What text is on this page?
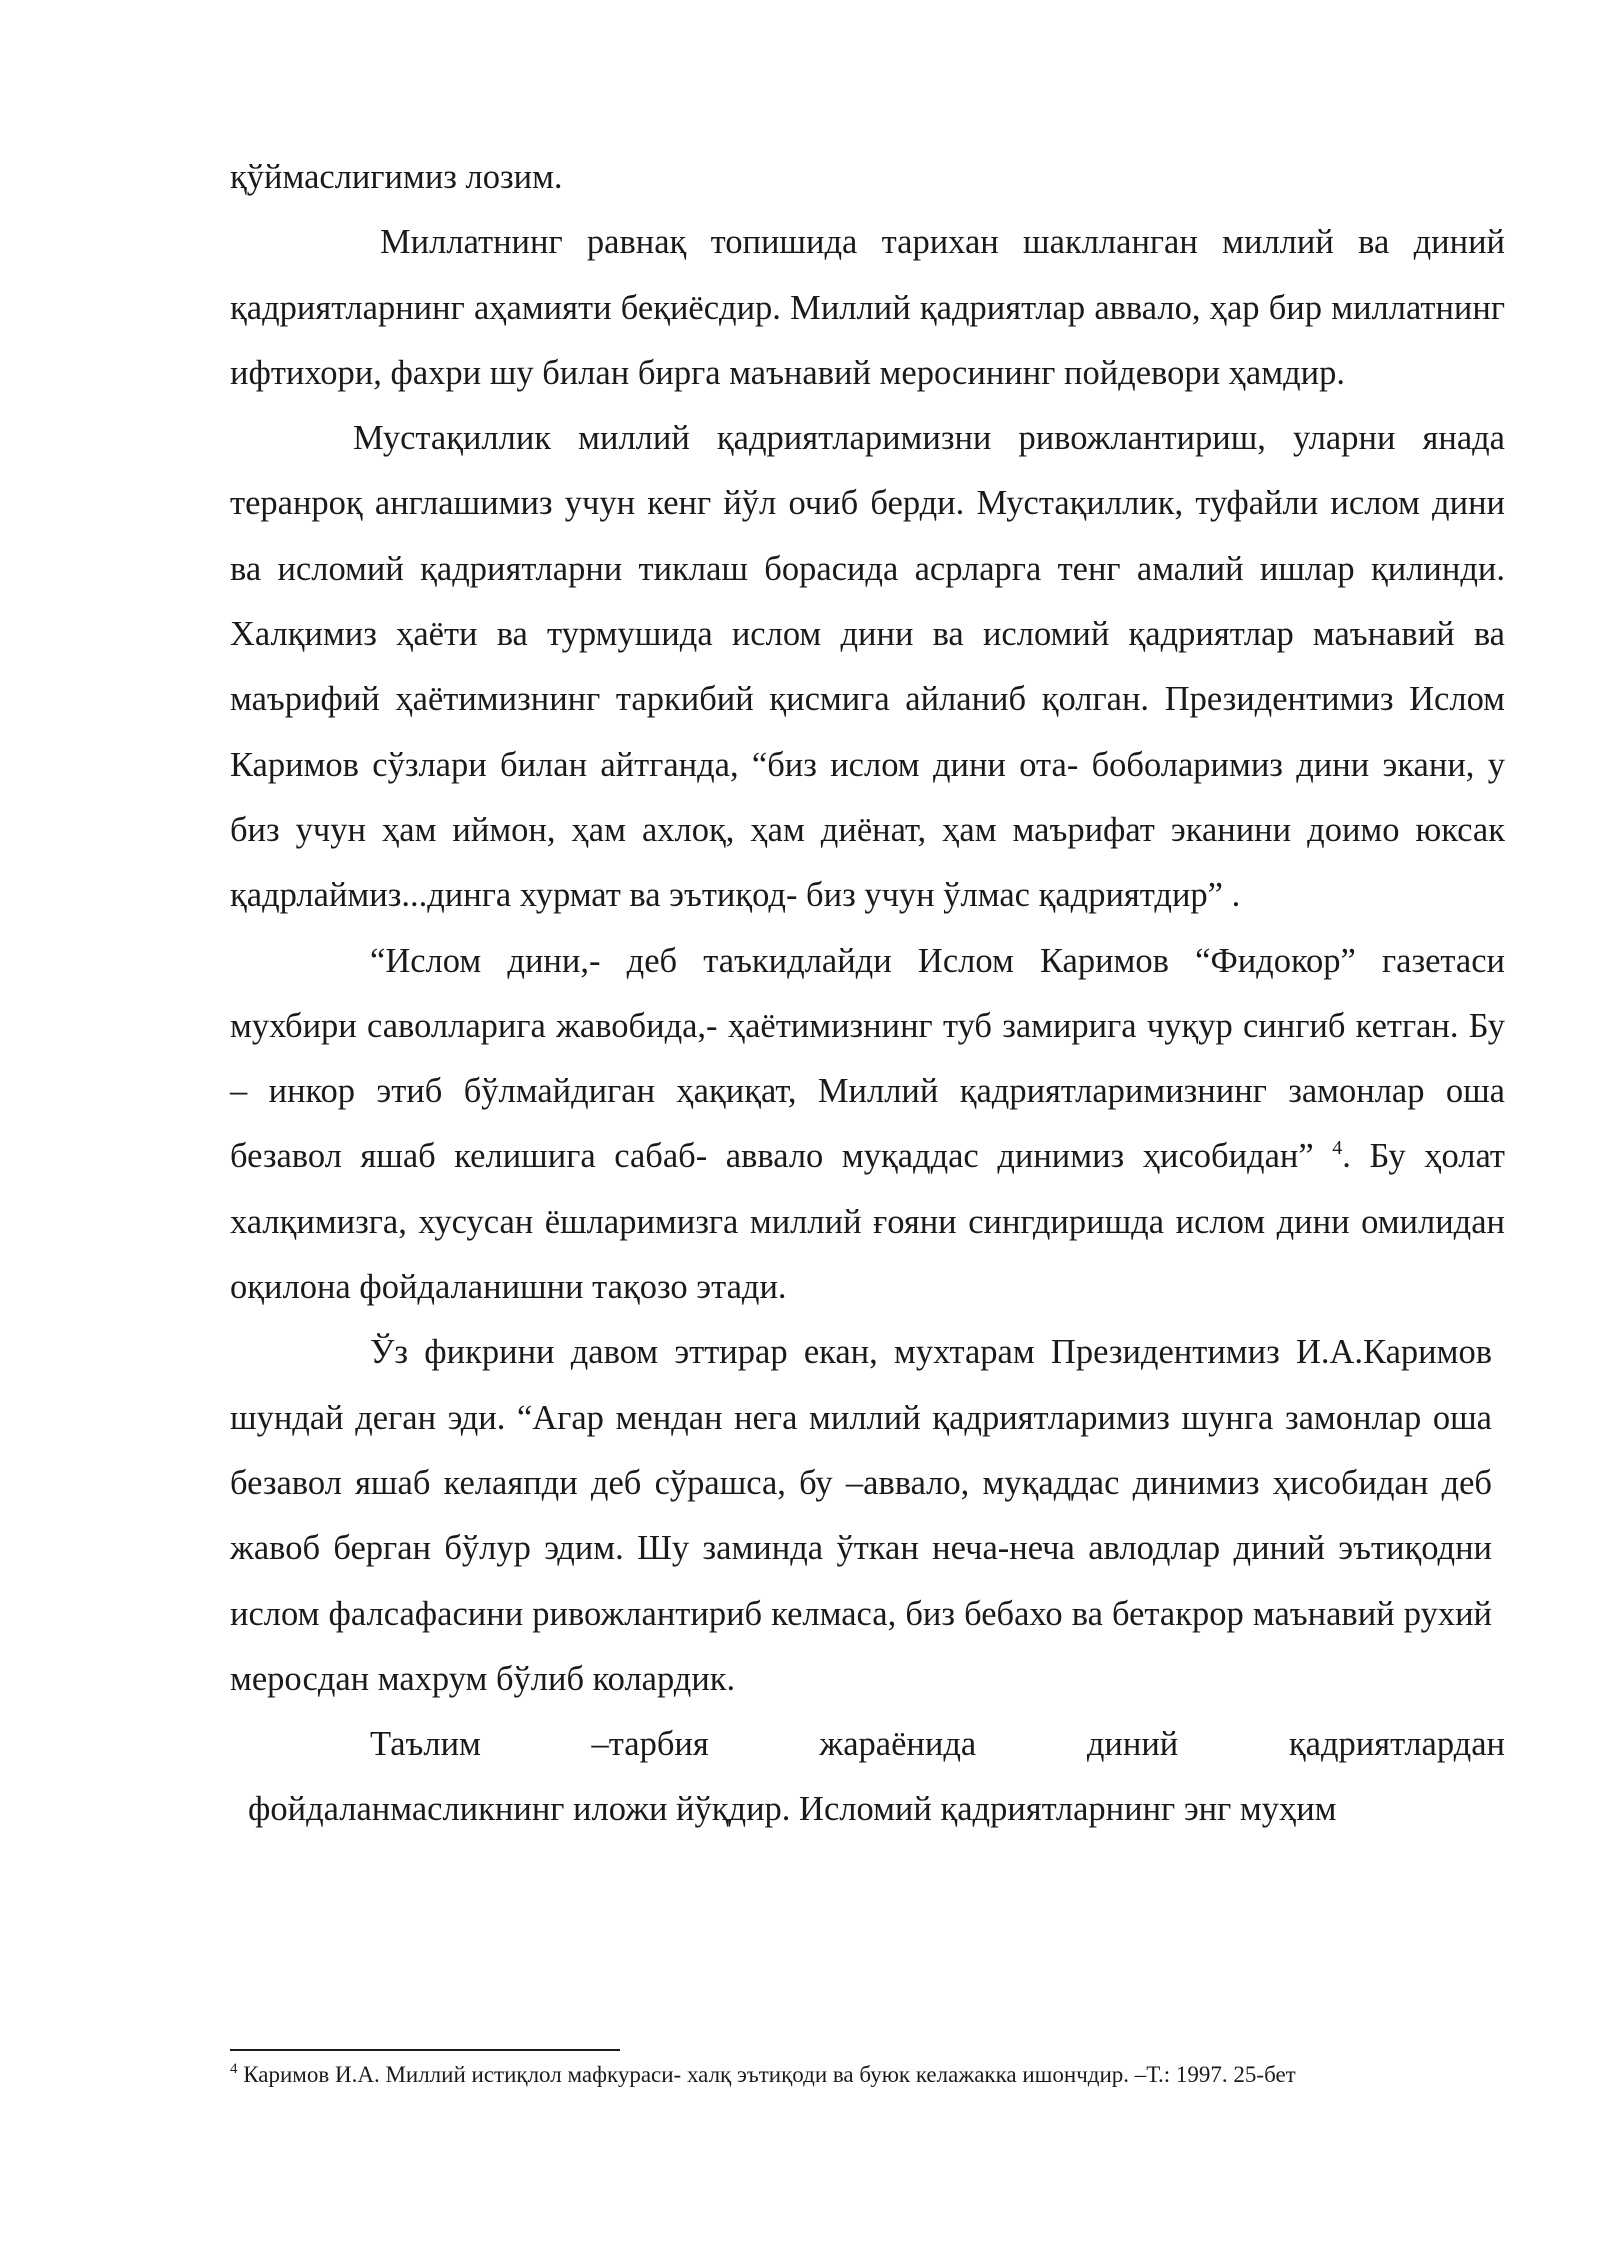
қўймаслигимиз лозим.

Миллатнинг равнақ топишида тарихан шаклланган миллий ва диний қадриятларнинг аҳамияти беқиёсдир. Миллий қадриятлар аввало, ҳар бир миллатнинг ифтихори, фахри шу билан бирга маънавий меросининг пойдевори ҳамдир.

Мустақиллик миллий қадриятларимизни ривожлантириш, уларни янада теранроқ англашимиз учун кенг йўл очиб берди. Мустақиллик, туфайли ислом дини ва исломий қадриятларни тиклаш борасида асрларга тенг амалий ишлар қилинди. Халқимиз ҳаёти ва турмушида ислом дини ва исломий қадриятлар маънавий ва маърифий ҳаётимизнинг таркибий қисмига айланиб қолган. Президентимиз Ислом Каримов сўзлари билан айтганда, “биз ислом дини ота- боболаримиз дини экани, у биз учун ҳам иймон, ҳам ахлоқ, ҳам диёнат, ҳам маърифат эканини доимо юксак қадрлаймиз...динга хурмат ва эътиқод- биз учун ўлмас қадриятдир” .

“Ислом дини,- деб таъкидлайди Ислом Каримов “Фидокор” газетаси мухбири саволларига жавобида,- ҳаётимизнинг туб замирига чуқур сингиб кетган. Бу – инкор этиб бўлмайдиган ҳақиқат, Миллий қадриятларимизнинг замонлар оша безавол яшаб келишига сабаб- аввало муқаддас динимиз ҳисобидан” $^4$. Бу ҳолат халқимизга, хусусан ёшларимизга миллий ғояни сингдиришда ислом дини омилидан оқилона фойдаланишни тақозо этади.

Ўз фикрини давом эттирар екан, мухтарам Президентимиз И.А.Каримов шундай деган эди. “Агар мендан нега миллий қадриятларимиз шунга замонлар оша безавол яшаб келаяпди деб сўрашса, бу –аввало, муқаддас динимиз ҳисобидан деб жавоб берган бўлур эдим. Шу заминда ўткан неча-неча авлодлар диний эътиқодни ислом фалсафасини ривожлантириб келмаса, биз бебахо ва бетакрор маънавий рухий меросдан махрум бўлиб колардик.

Таълим –тарбия жараёнида диний қадриятлардан

фойдаланмасликнинг иложи йўқдир. Исломий қадриятларнинг энг муҳим

$^4$ Каримов И.А. Миллий истиқлол мафкураси- халқ эътиқоди ва буюк келажакка ишончдир. –Т.: 1997. 25-бет
